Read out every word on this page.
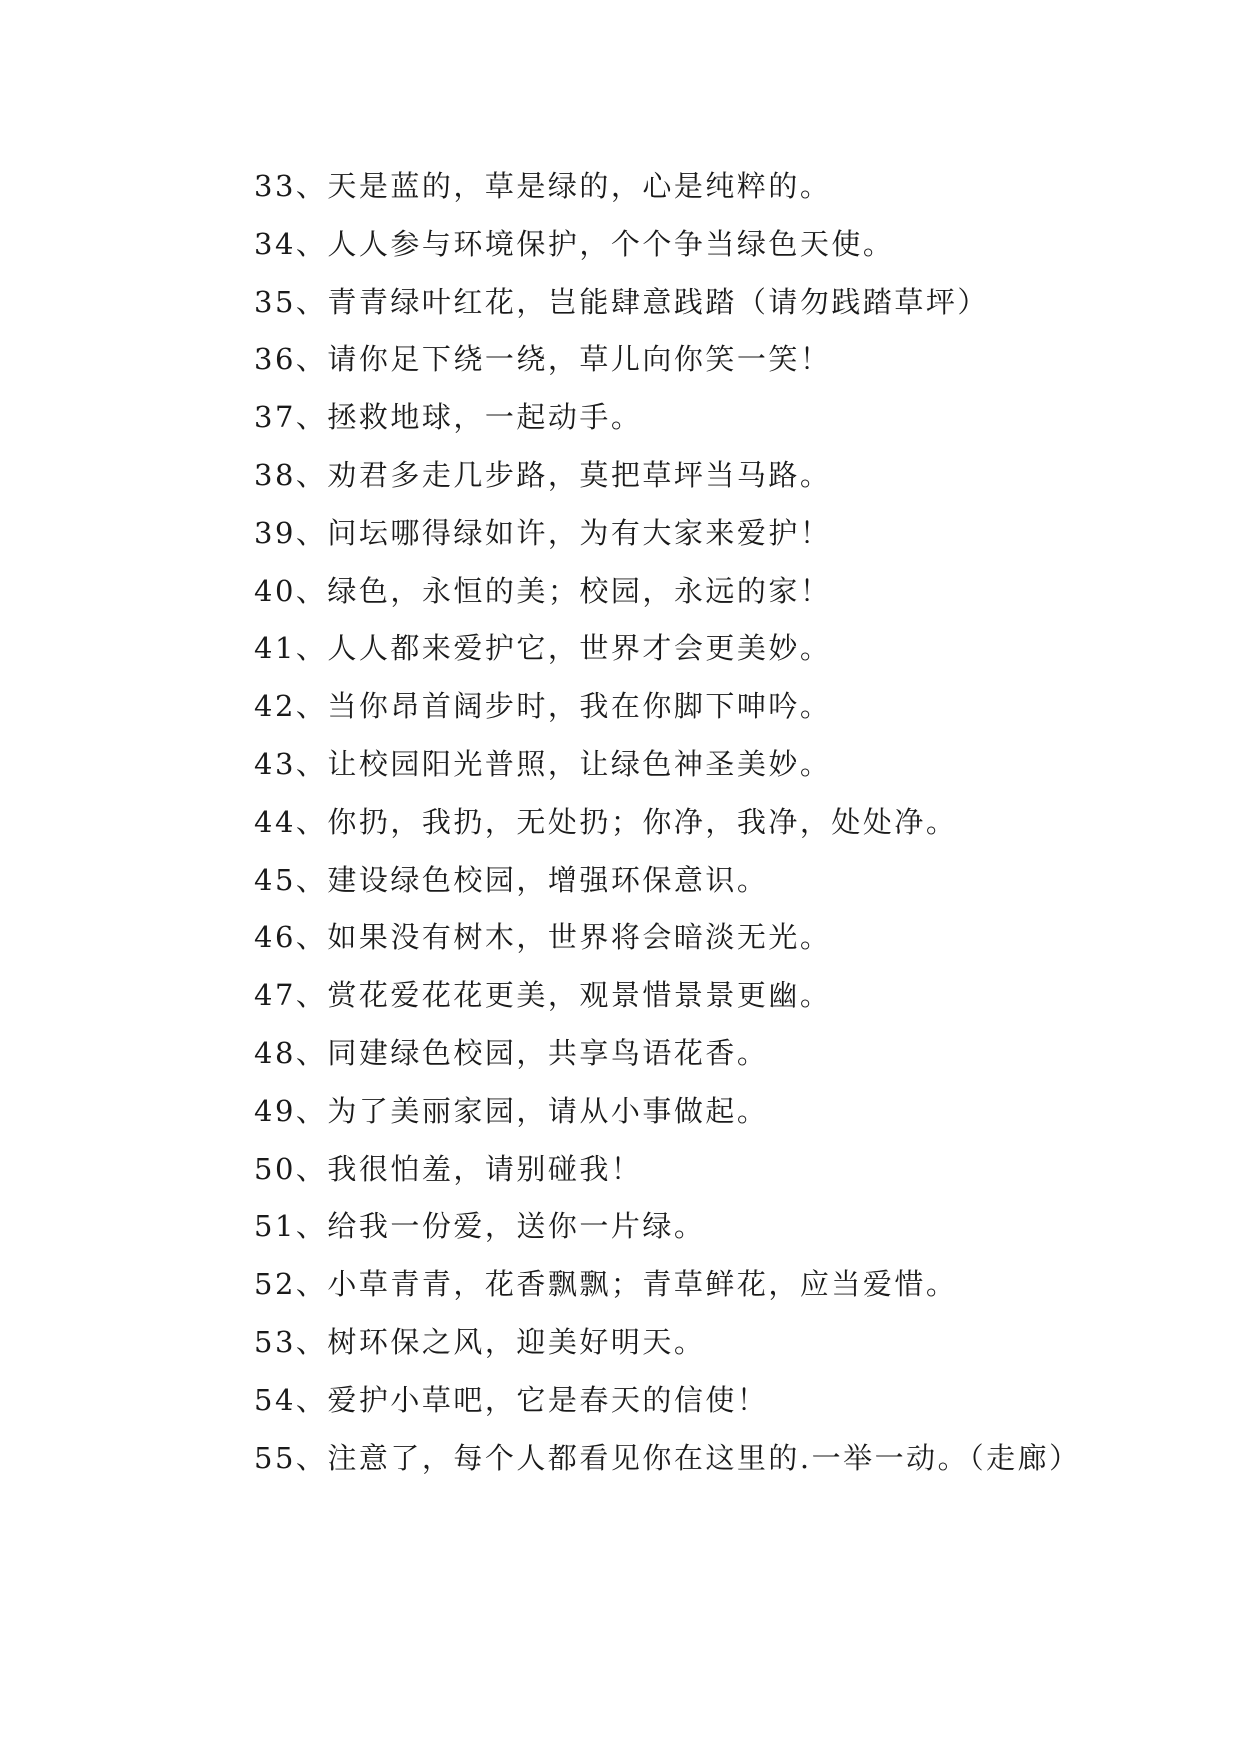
33、天是蓝的，草是绿的，心是纯粹的。
34、人人参与环境保护，个个争当绿色天使。
35、青青绿叶红花，岂能肆意践踏（请勿践踏草坪）
36、请你足下绕一绕，草儿向你笑一笑！
37、拯救地球，一起动手。
38、劝君多走几步路，莫把草坪当马路。
39、问坛哪得绿如许，为有大家来爱护！
40、绿色，永恒的美；校园，永远的家！
41、人人都来爱护它，世界才会更美妙。
42、当你昂首阔步时，我在你脚下呻吟。
43、让校园阳光普照，让绿色神圣美妙。
44、你扔，我扔，无处扔；你净，我净，处处净。
45、建设绿色校园，增强环保意识。
46、如果没有树木，世界将会暗淡无光。
47、赏花爱花花更美，观景惜景景更幽。
48、同建绿色校园，共享鸟语花香。
49、为了美丽家园，请从小事做起。
50、我很怕羞，请别碰我！
51、给我一份爱，送你一片绿。
52、小草青青，花香飘飘；青草鲜花，应当爱惜。
53、树环保之风，迎美好明天。
54、爱护小草吧，它是春天的信使！
55、注意了，每个人都看见你在这里的.一举一动。（走廊）
